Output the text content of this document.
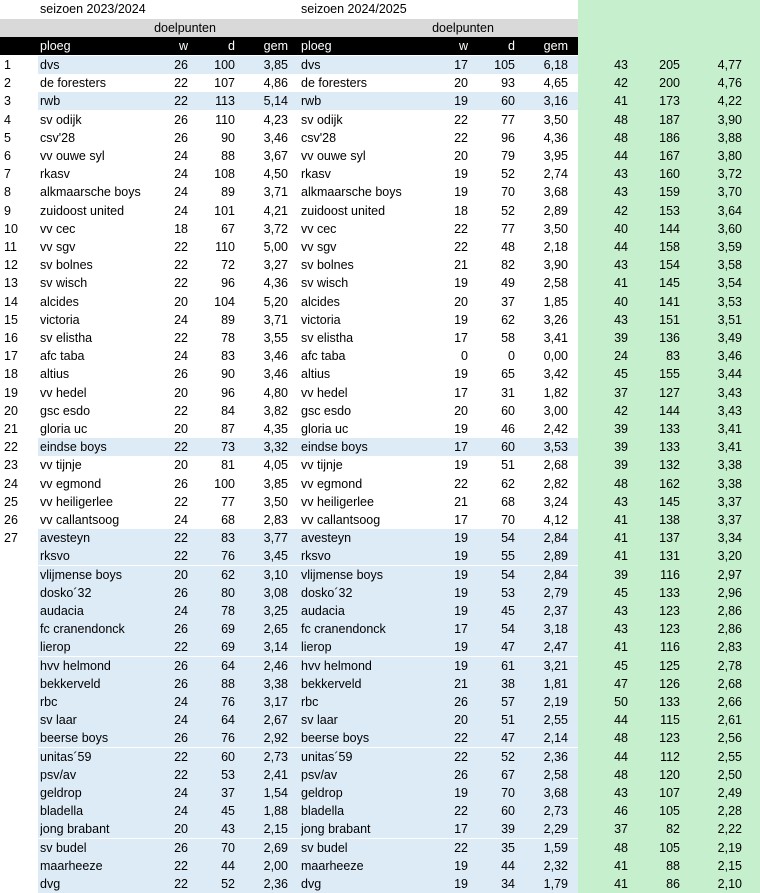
seizoen 2023/2024	seizoen 2024/2025
doelpunten	doelpunten
ploeg	w	d	gem ploeg	w	d	gem
1	dvs	26	100	3,85 dvs	17	105	6,18	43	205	4,77
2	de foresters	22	107	4,86 de foresters	20	93	4,65	42	200	4,76
3	rwb	22	113	5,14 rwb	19	60	3,16	41	173	4,22
4	sv odijk	26	110	4,23 sv odijk	22	77	3,50	48	187	3,90
5	csv'28	26	90	3,46 csv'28	22	96	4,36	48	186	3,88
6	vv ouwe syl	24	88	3,67 vv ouwe syl	20	79	3,95	44	167	3,80
7	rkasv	24	108	4,50 rkasv	19	52	2,74	43	160	3,72
8	alkmaarsche boys	24	89	3,71 alkmaarsche boys	19	70	3,68	43	159	3,70
9	zuidoost united	24	101	4,21 zuidoost united	18	52	2,89	42	153	3,64
10	vv cec	18	67	3,72 vv cec	22	77	3,50	40	144	3,60
11	vv sgv	22	110	5,00 vv sgv	22	48	2,18	44	158	3,59
12	sv bolnes	22	72	3,27 sv bolnes	21	82	3,90	43	154	3,58
13	sv wisch	22	96	4,36 sv wisch	19	49	2,58	41	145	3,54
14	alcides	20	104	5,20 alcides	20	37	1,85	40	141	3,53
15	victoria	24	89	3,71 victoria	19	62	3,26	43	151	3,51
16	sv elistha	22	78	3,55 sv elistha	17	58	3,41	39	136	3,49
17	afc taba	24	83	3,46 afc taba	0	0	0,00	24	83	3,46
18	altius	26	90	3,46 altius	19	65	3,42	45	155	3,44
19	vv hedel	20	96	4,80 vv hedel	17	31	1,82	37	127	3,43
20	gsc esdo	22	84	3,82 gsc esdo	20	60	3,00	42	144	3,43
21	gloria uc	20	87	4,35 gloria uc	19	46	2,42	39	133	3,41
22	eindse boys	22	73	3,32 eindse boys	17	60	3,53	39	133	3,41
23	vv tijnje	20	81	4,05 vv tijnje	19	51	2,68	39	132	3,38
24	vv egmond	26	100	3,85 vv egmond	22	62	2,82	48	162	3,38
25	vv heiligerlee	22	77	3,50 vv heiligerlee	21	68	3,24	43	145	3,37
26	vv callantsoog	24	68	2,83 vv callantsoog	17	70	4,12	41	138	3,37
27	avesteyn	22	83	3,77 avesteyn	19	54	2,84	41	137	3,34
rksvo	22	76	3,45 rksvo	19	55	2,89	41	131	3,20
vlijmense boys	20	62	3,10 vlijmense boys	19	54	2,84	39	116	2,97
dosko´32	26	80	3,08 dosko´32	19	53	2,79	45	133	2,96
audacia	24	78	3,25 audacia	19	45	2,37	43	123	2,86
fc cranendonck	26	69	2,65 fc cranendonck	17	54	3,18	43	123	2,86
lierop	22	69	3,14 lierop	19	47	2,47	41	116	2,83
hvv helmond	26	64	2,46 hvv helmond	19	61	3,21	45	125	2,78
bekkerveld	26	88	3,38 bekkerveld	21	38	1,81	47	126	2,68
rbc	24	76	3,17 rbc	26	57	2,19	50	133	2,66
sv laar	24	64	2,67 sv laar	20	51	2,55	44	115	2,61
beerse boys	26	76	2,92 beerse boys	22	47	2,14	48	123	2,56
unitas´59	22	60	2,73 unitas´59	22	52	2,36	44	112	2,55
psv/av	22	53	2,41 psv/av	26	67	2,58	48	120	2,50
geldrop	24	37	1,54 geldrop	19	70	3,68	43	107	2,49
bladella	24	45	1,88 bladella	22	60	2,73	46	105	2,28
jong brabant	20	43	2,15 jong brabant	17	39	2,29	37	82	2,22
sv budel	26	70	2,69 sv budel	22	35	1,59	48	105	2,19
maarheeze	22	44	2,00 maarheeze	19	44	2,32	41	88	2,15
dvg	22	52	2,36 dvg	19	34	1,79	41	86	2,10
